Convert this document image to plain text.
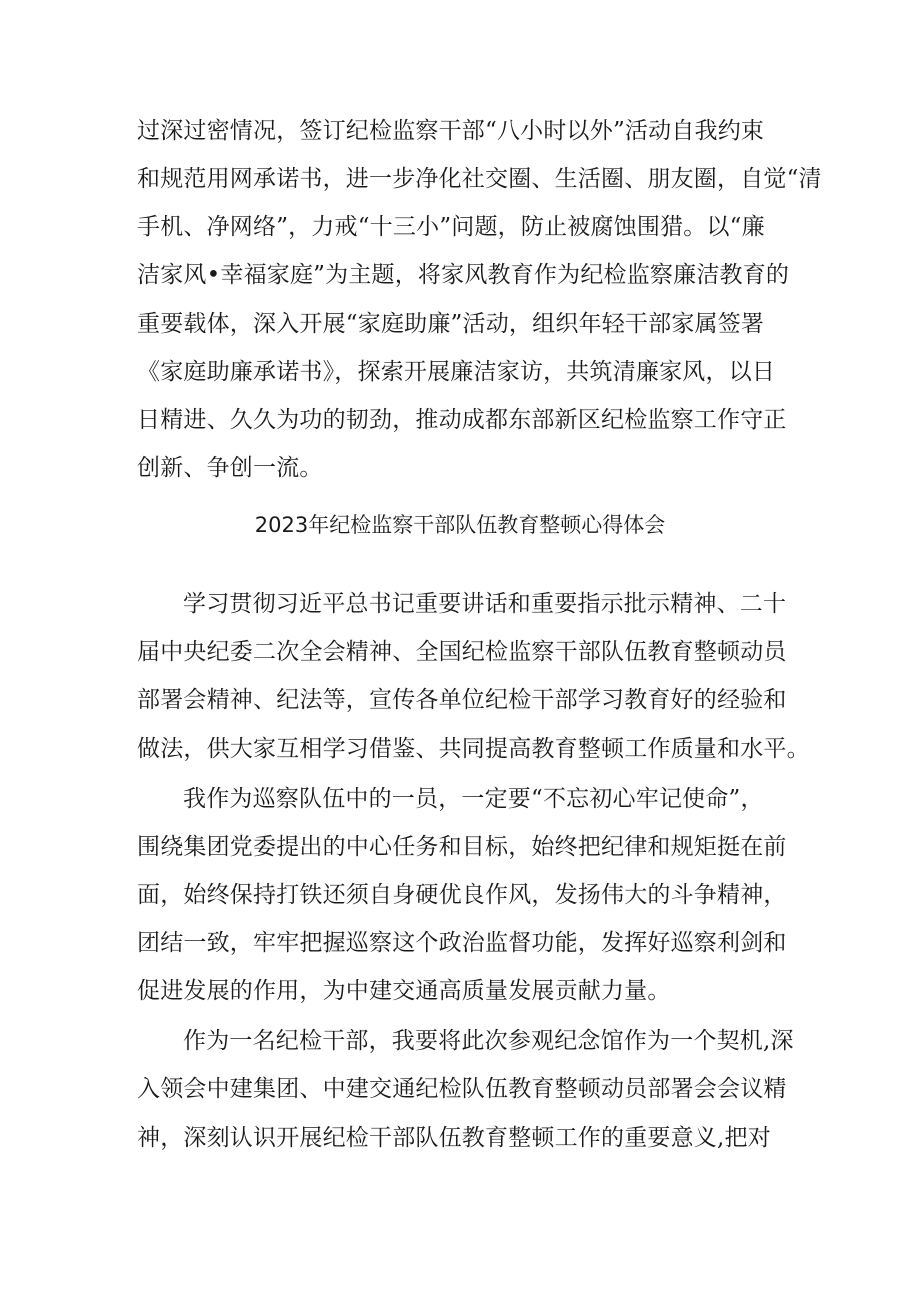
过深过密情况，签订纪检监察干部“八小时以外”活动自我约束
和规范用网承诺书，进一步净化社交圈、生活圈、朋友圈，自觉“清
手机、净网络”，力戒“十三小”问题，防止被腐蚀围猎。以“廉
洁家风•幸福家庭”为主题，将家风教育作为纪检监察廉洁教育的
重要载体，深入开展“家庭助廉”活动，组织年轻干部家属签署
《家庭助廉承诺书》，探索开展廉洁家访，共筑清廉家风，以日
日精进、久久为功的韧劲，推动成都东部新区纪检监察工作守正
创新、争创一流。
2023年纪检监察干部队伍教育整顿心得体会
学习贯彻习近平总书记重要讲话和重要指示批示精神、二十
届中央纪委二次全会精神、全国纪检监察干部队伍教育整顿动员
部署会精神、纪法等，宣传各单位纪检干部学习教育好的经验和
做法，供大家互相学习借鉴、共同提高教育整顿工作质量和水平。
我作为巡察队伍中的一员，一定要“不忘初心牢记使命”，
围绕集团党委提出的中心任务和目标，始终把纪律和规矩挺在前
面，始终保持打铁还须自身硬优良作风，发扬伟大的斗争精神，
团结一致，牢牢把握巡察这个政治监督功能，发挥好巡察利剑和
促进发展的作用，为中建交通高质量发展贡献力量。
作为一名纪检干部，我要将此次参观纪念馆作为一个契机,深
入领会中建集团、中建交通纪检队伍教育整顿动员部署会会议精
神，深刻认识开展纪检干部队伍教育整顿工作的重要意义,把对
